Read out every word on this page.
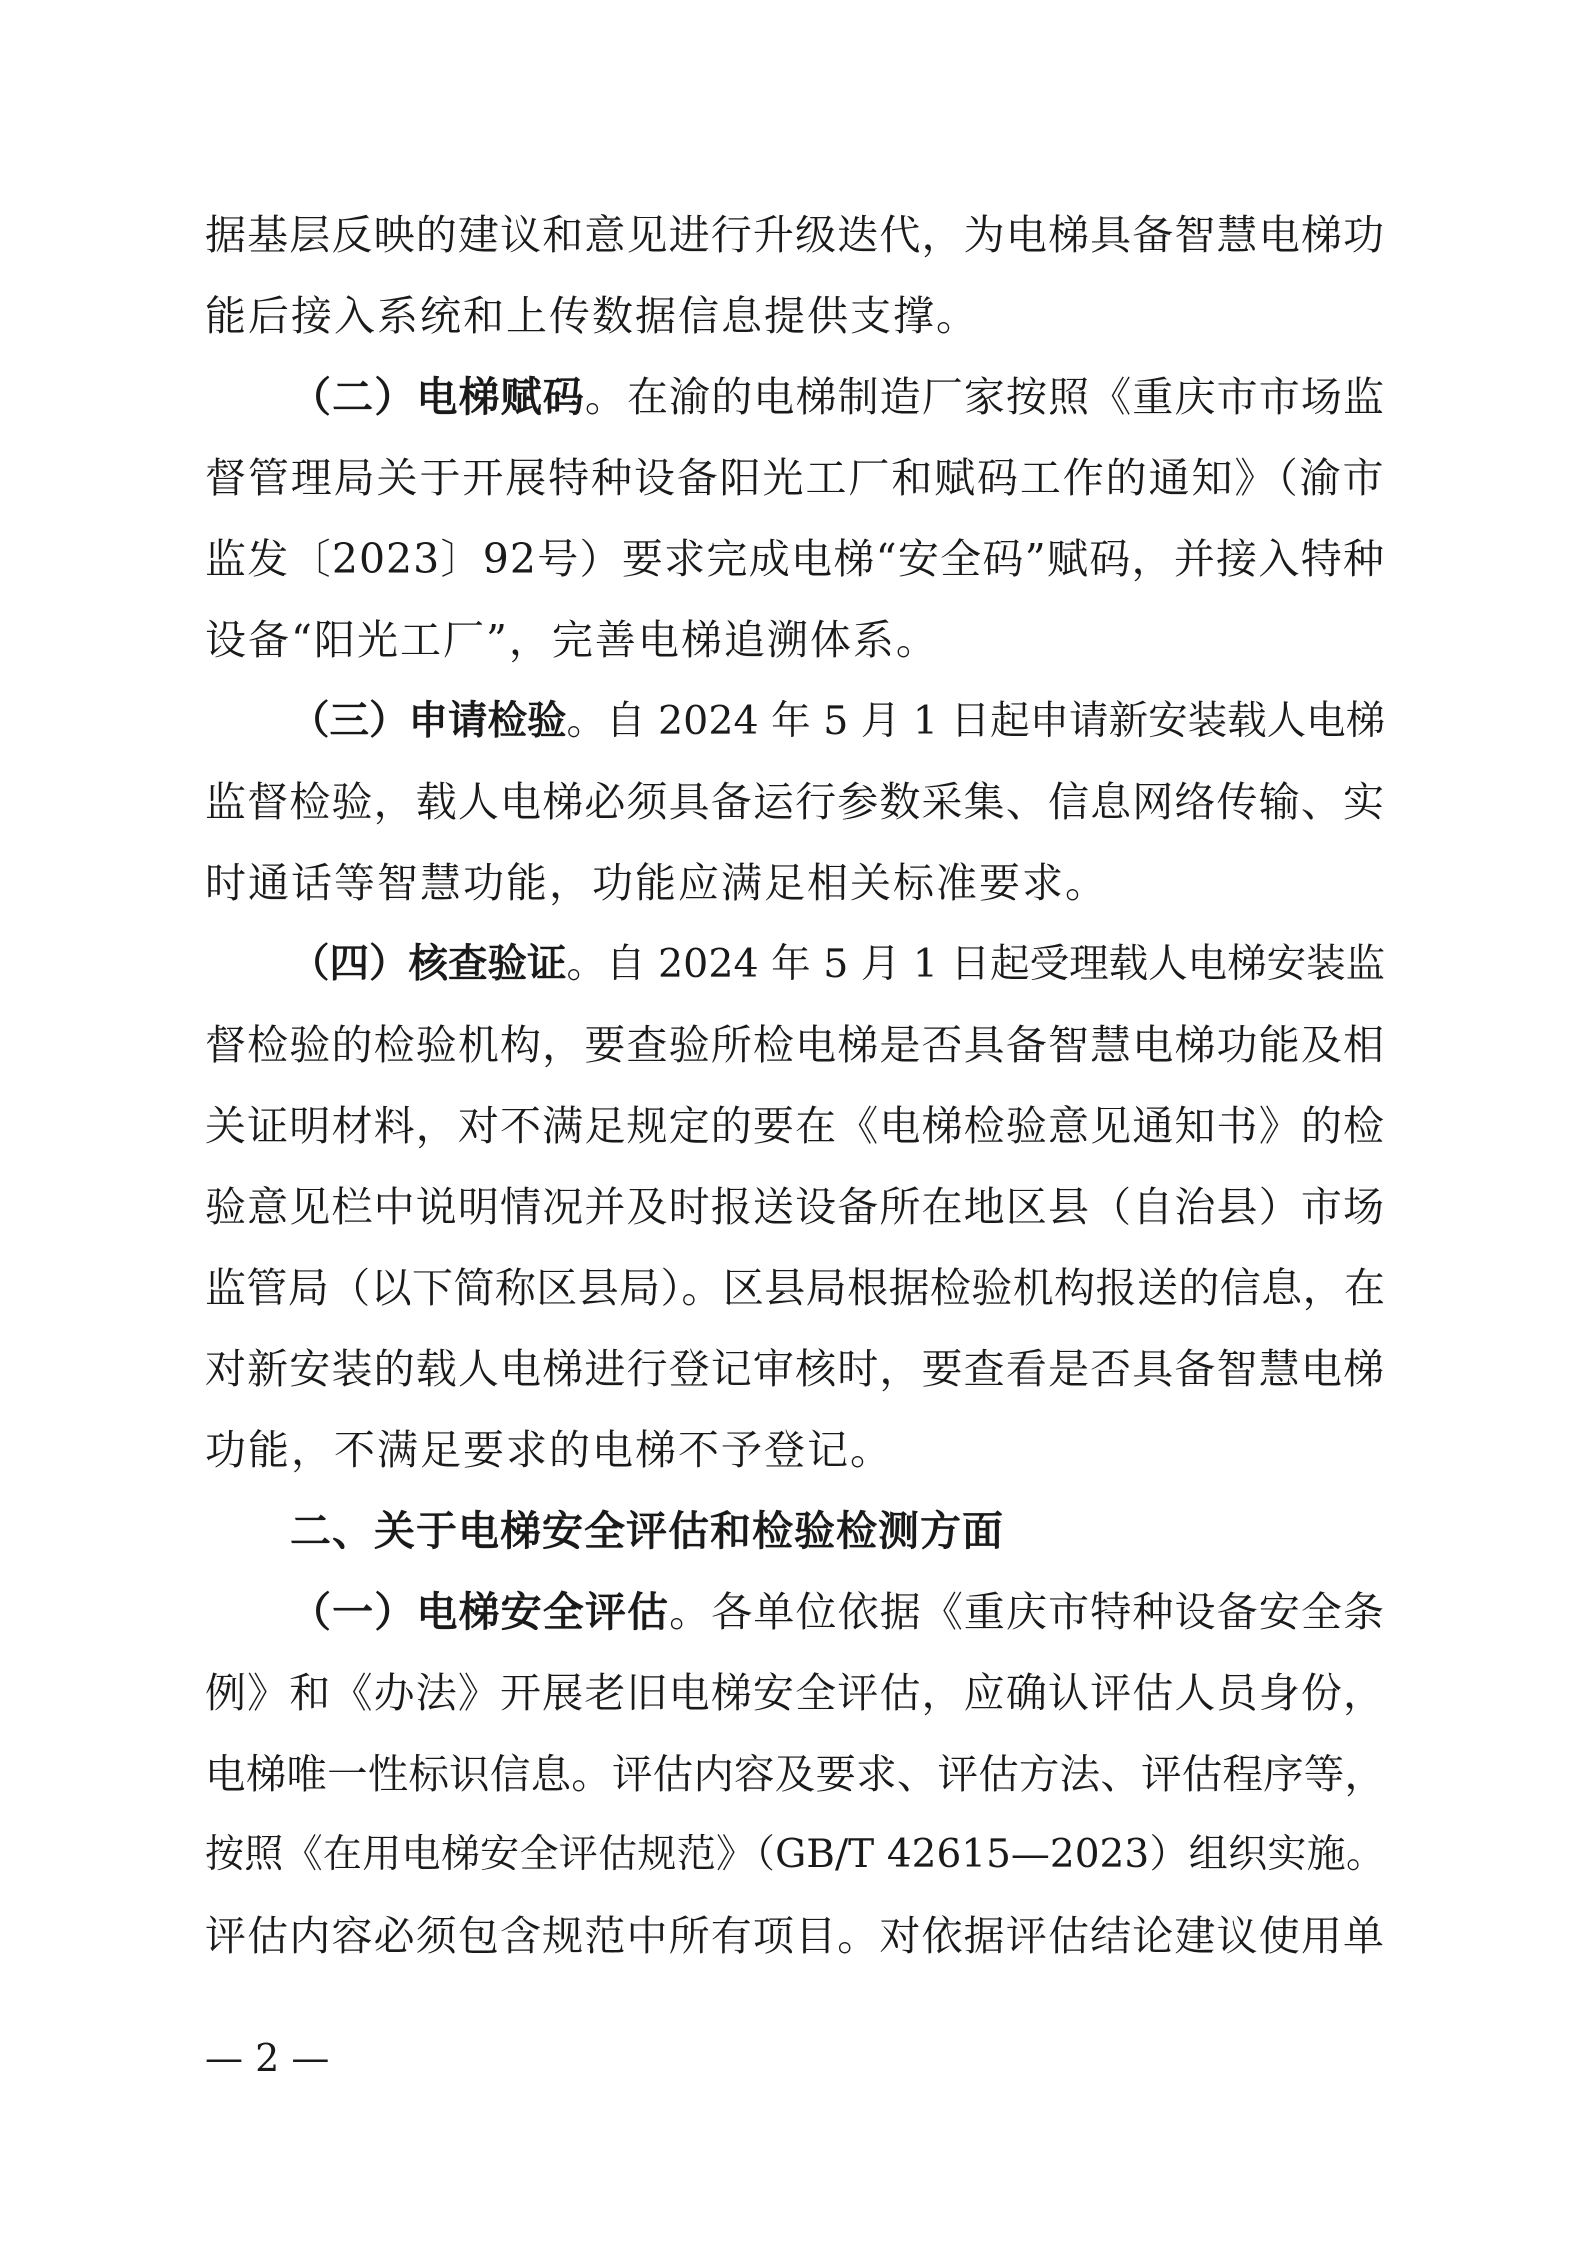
据基层反映的建议和意见进行升级迭代，为电梯具备智慧电梯功
能后接入系统和上传数据信息提供支撑。
（二）电梯赋码。在渝的电梯制造厂家按照《重庆市市场监
督管理局关于开展特种设备阳光工厂和赋码工作的通知》（渝市
监发〔2023〕92号）要求完成电梯“安全码”赋码，并接入特种
设备“阳光工厂”，完善电梯追溯体系。
（三）申请检验。自 2024 年 5 月 1 日起申请新安装载人电梯
监督检验，载人电梯必须具备运行参数采集、信息网络传输、实
时通话等智慧功能，功能应满足相关标准要求。
（四）核查验证。自 2024 年 5 月 1 日起受理载人电梯安装监
督检验的检验机构，要查验所检电梯是否具备智慧电梯功能及相
关证明材料，对不满足规定的要在《电梯检验意见通知书》的检
验意见栏中说明情况并及时报送设备所在地区县（自治县）市场
监管局（以下简称区县局）。区县局根据检验机构报送的信息，在
对新安装的载人电梯进行登记审核时，要查看是否具备智慧电梯
功能，不满足要求的电梯不予登记。
二、关于电梯安全评估和检验检测方面
（一）电梯安全评估。各单位依据《重庆市特种设备安全条
例》和《办法》开展老旧电梯安全评估，应确认评估人员身份，
电梯唯一性标识信息。评估内容及要求、评估方法、评估程序等，
按照《在用电梯安全评估规范》（GB/T 42615—2023）组织实施。
评估内容必须包含规范中所有项目。对依据评估结论建议使用单
— 2 —
